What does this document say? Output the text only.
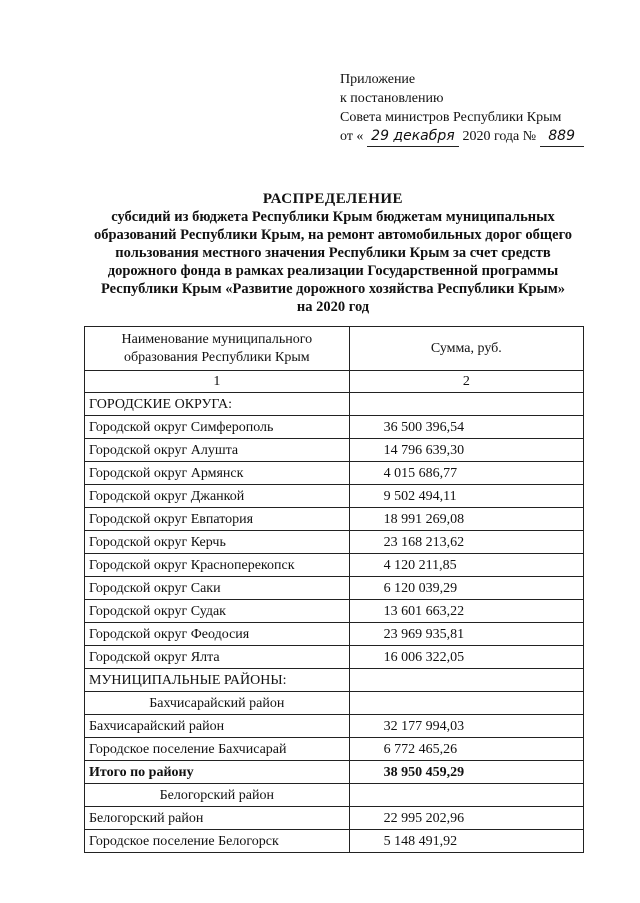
Приложение
к постановлению
Совета министров Республики Крым
от « 29 декабря 2020 года № 889
РАСПРЕДЕЛЕНИЕ
субсидий из бюджета Республики Крым бюджетам муниципальных
образований Республики Крым, на ремонт автомобильных дорог общего
пользования местного значения Республики Крым за счет средств
дорожного фонда в рамках реализации Государственной программы
Республики Крым «Развитие дорожного хозяйства Республики Крым»
на 2020 год
Наименование муниципального образования Республики Крым	Сумма, руб.
1	2
ГОРОДСКИЕ ОКРУГА:	
Городской округ Симферополь	36 500 396,54
Городской округ Алушта	14 796 639,30
Городской округ Армянск	4 015 686,77
Городской округ Джанкой	9 502 494,11
Городской округ Евпатория	18 991 269,08
Городской округ Керчь	23 168 213,62
Городской округ Красноперекопск	4 120 211,85
Городской округ Саки	6 120 039,29
Городской округ Судак	13 601 663,22
Городской округ Феодосия	23 969 935,81
Городской округ Ялта	16 006 322,05
МУНИЦИПАЛЬНЫЕ РАЙОНЫ:	
Бахчисарайский район	
Бахчисарайский район	32 177 994,03
Городское поселение Бахчисарай	6 772 465,26
Итого по району	38 950 459,29
Белогорский район	
Белогорский район	22 995 202,96
Городское поселение Белогорск	5 148 491,92
